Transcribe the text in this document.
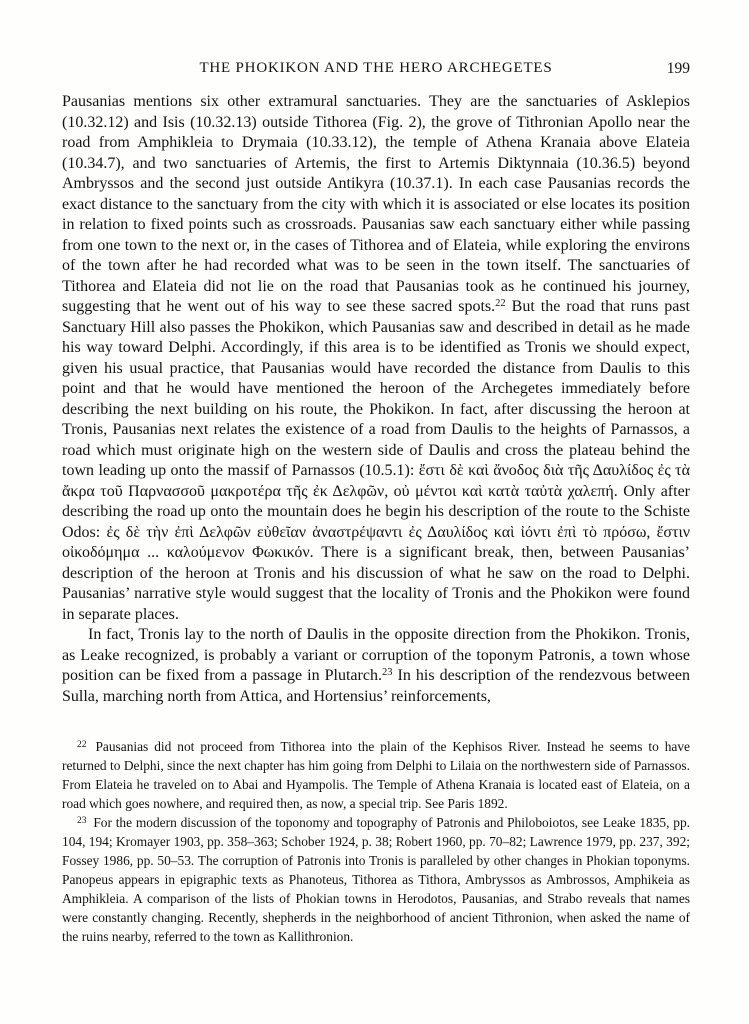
THE PHOKIKON AND THE HERO ARCHEGETES	199

Pausanias mentions six other extramural sanctuaries. They are the sanctuaries of Asklepios (10.32.12) and Isis (10.32.13) outside Tithorea (Fig. 2), the grove of Tithronian Apollo near the road from Amphikleia to Drymaia (10.33.12), the temple of Athena Kranaia above Elateia (10.34.7), and two sanctuaries of Artemis, the first to Artemis Diktynnaia (10.36.5) beyond Ambryssos and the second just outside Antikyra (10.37.1). In each case Pausanias records the exact distance to the sanctuary from the city with which it is associated or else locates its position in relation to fixed points such as crossroads. Pausanias saw each sanctuary either while passing from one town to the next or, in the cases of Tithorea and of Elateia, while exploring the environs of the town after he had recorded what was to be seen in the town itself. The sanctuaries of Tithorea and Elateia did not lie on the road that Pausanias took as he continued his journey, suggesting that he went out of his way to see these sacred spots.$^{22}$ But the road that runs past Sanctuary Hill also passes the Phokikon, which Pausanias saw and described in detail as he made his way toward Delphi. Accordingly, if this area is to be identified as Tronis we should expect, given his usual practice, that Pausanias would have recorded the distance from Daulis to this point and that he would have mentioned the heroon of the Archegetes immediately before describing the next building on his route, the Phokikon. In fact, after discussing the heroon at Tronis, Pausanias next relates the existence of a road from Daulis to the heights of Parnassos, a road which must originate high on the western side of Daulis and cross the plateau behind the town leading up onto the massif of Parnassos (10.5.1): ἔστι δὲ καὶ ἄνοδος διὰ τῆς Δαυλίδος ἐς τὰ ἄκρα τοῦ Παρνασσοῦ μακροτέρα τῆς ἐκ Δελφῶν, οὐ μέντοι καὶ κατὰ ταὐτὰ χαλεπή. Only after describing the road up onto the mountain does he begin his description of the route to the Schiste Odos: ἐς δὲ τὴν ἐπὶ Δελφῶν εὐθεῖαν ἀναστρέψαντι ἐς Δαυλίδος καὶ ἰόντι ἐπὶ τὸ πρόσω, ἔστιν οἰκοδόμημα ... καλούμενον Φωκικόν. There is a significant break, then, between Pausanias’ description of the heroon at Tronis and his discussion of what he saw on the road to Delphi. Pausanias’ narrative style would suggest that the locality of Tronis and the Phokikon were found in separate places.

In fact, Tronis lay to the north of Daulis in the opposite direction from the Phokikon. Tronis, as Leake recognized, is probably a variant or corruption of the toponym Patronis, a town whose position can be fixed from a passage in Plutarch.$^{23}$ In his description of the rendezvous between Sulla, marching north from Attica, and Hortensius’ reinforcements,

$^{22}$ Pausanias did not proceed from Tithorea into the plain of the Kephisos River. Instead he seems to have returned to Delphi, since the next chapter has him going from Delphi to Lilaia on the northwestern side of Parnassos. From Elateia he traveled on to Abai and Hyampolis. The Temple of Athena Kranaia is located east of Elateia, on a road which goes nowhere, and required then, as now, a special trip. See Paris 1892.

$^{23}$ For the modern discussion of the toponomy and topography of Patronis and Philoboiotos, see Leake 1835, pp. 104, 194; Kromayer 1903, pp. 358–363; Schober 1924, p. 38; Robert 1960, pp. 70–82; Lawrence 1979, pp. 237, 392; Fossey 1986, pp. 50–53. The corruption of Patronis into Tronis is paralleled by other changes in Phokian toponyms. Panopeus appears in epigraphic texts as Phanoteus, Tithorea as Tithora, Ambryssos as Ambrossos, Amphikeia as Amphikleia. A comparison of the lists of Phokian towns in Herodotos, Pausanias, and Strabo reveals that names were constantly changing. Recently, shepherds in the neighborhood of ancient Tithronion, when asked the name of the ruins nearby, referred to the town as Kallithronion.
